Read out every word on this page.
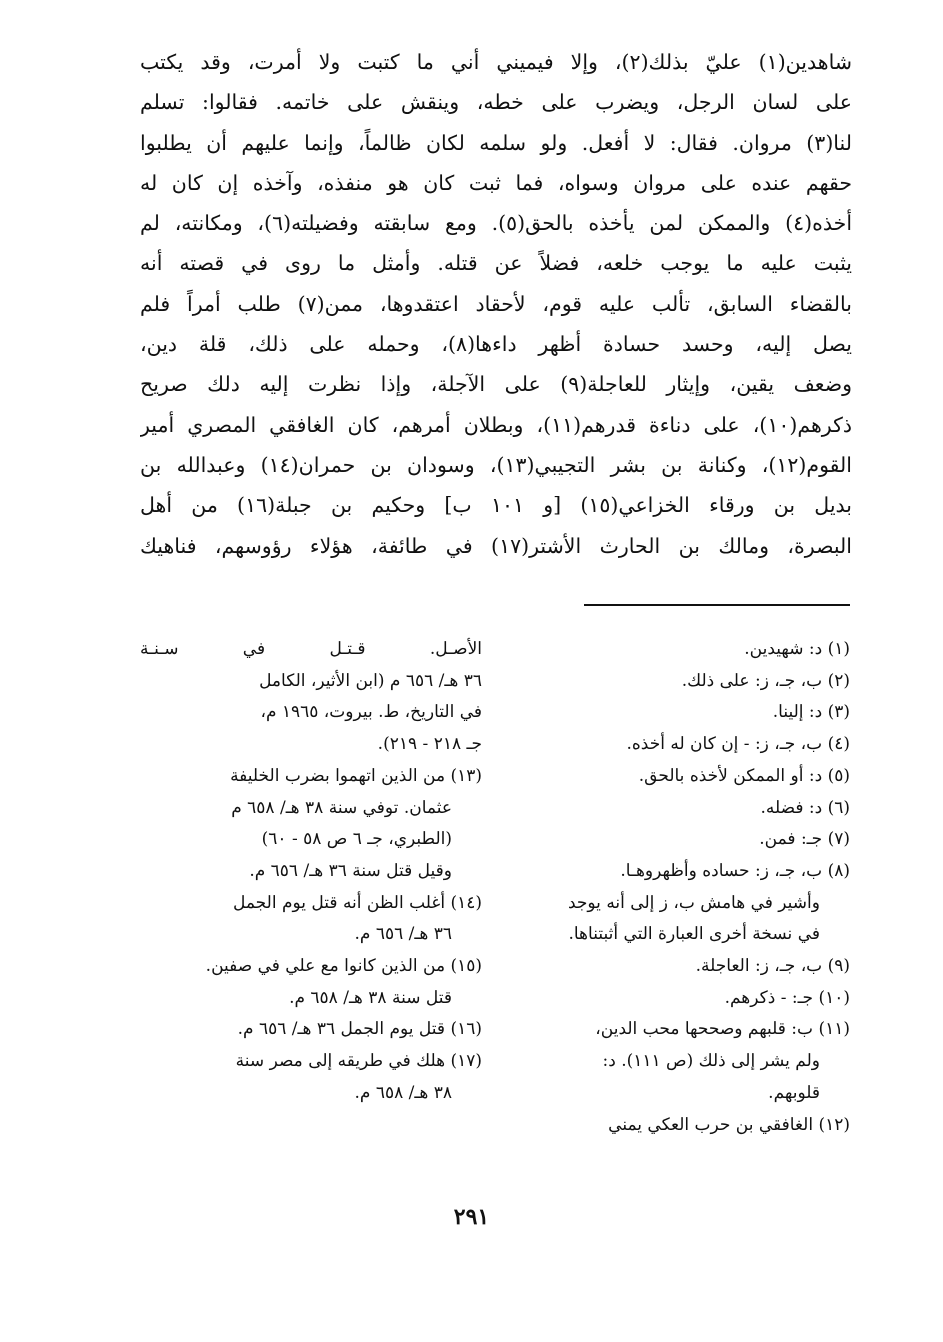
شاهدين(١) عليّ بذلك(٢)، وإلا فيميني أني ما كتبت ولا أمرت، وقد يكتب
على لسان الرجل، ويضرب على خطه، وينقش على خاتمه. فقالوا: تسلم
لنا(٣) مروان. فقال: لا أفعل. ولو سلمه لكان ظالماً، وإنما عليهم أن يطلبوا
حقهم عنده على مروان وسواه، فما ثبت كان هو منفذه، وآخذه إن كان له
أخذه(٤) والممكن لمن يأخذه بالحق(٥). ومع سابقته وفضيلته(٦)، ومكانته، لم
يثبت عليه ما يوجب خلعه، فضلاً عن قتله. وأمثل ما روى في قصته أنه
بالقضاء السابق، تألب عليه قوم، لأحقاد اعتقدوها، ممن(٧) طلب أمراً فلم
يصل إليه، وحسد حسادة أظهر داءها(٨)، وحمله على ذلك، قلة دين،
وضعف يقين، وإيثار للعاجلة(٩) على الآجلة، وإذا نظرت إليه دلك صريح
ذكرهم(١٠)، على دناءة قدرهم(١١)، وبطلان أمرهم، كان الغافقي المصري أمير
القوم(١٢)، وكنانة بن بشر التجيبي(١٣)، وسودان بن حمران(١٤) وعبدالله بن
بديل بن ورقاء الخزاعي(١٥) [و ١٠١ ب] وحكيم بن جبلة(١٦) من أهل
البصرة، ومالك بن الحارث الأشتر(١٧) في طائفة، هؤلاء رؤوسهم، فناهيك
(١) د: شهيدين.
(٢) ب، جـ، ز: على ذلك.
(٣) د: إلينا.
(٤) ب، جـ، ز: - إن كان له أخذه.
(٥) د: أو الممكن لأخذه بالحق.
(٦) د: فضله.
(٧) جـ: فمن.
(٨) ب، جـ، ز: حساده وأظهروهـا.
وأشير في هامش ب، ز إلى أنه يوجد
في نسخة أخرى العبارة التي أثبتناها.
(٩) ب، جـ، ز: العاجلة.
(١٠) جـ: - ذكرهم.
(١١) ب: قلبهم وصححها محب الدين،
ولم يشر إلى ذلك (ص ١١١). د:
قلوبهم.
(١٢) الغافقي بن حرب العكي يمني
الأصـل. قـتـل في سـنـة
٣٦ هـ/ ٦٥٦ م (ابن الأثير، الكامل
في التاريخ، ط. بيروت، ١٩٦٥ م،
جـ ٢١٨ - ٢١٩).
(١٣) من الذين اتهموا بضرب الخليفة
عثمان. توفي سنة ٣٨ هـ/ ٦٥٨ م
(الطبري، جـ ٦ ص ٥٨ - ٦٠)
وقيل قتل سنة ٣٦ هـ/ ٦٥٦ م.
(١٤) أغلب الظن أنه قتل يوم الجمل
٣٦ هـ/ ٦٥٦ م.
(١٥) من الذين كانوا مع علي في صفين.
قتل سنة ٣٨ هـ/ ٦٥٨ م.
(١٦) قتل يوم الجمل ٣٦ هـ/ ٦٥٦ م.
(١٧) هلك في طريقه إلى مصر سنة
٣٨ هـ/ ٦٥٨ م.
٢٩١
